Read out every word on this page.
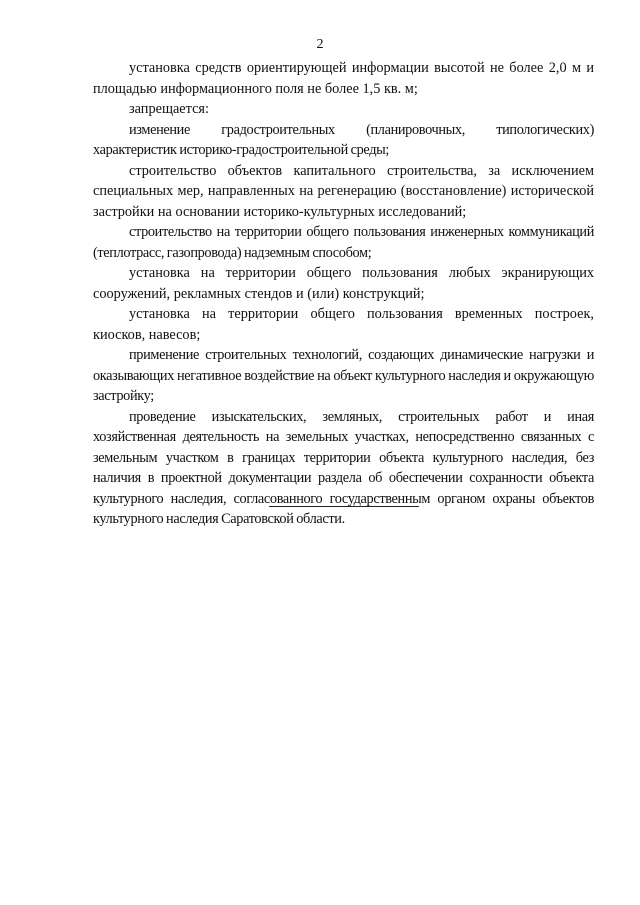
2

установка средств ориентирующей информации высотой не более 2,0 м и площадью информационного поля не более 1,5 кв. м;

запрещается:

изменение градостроительных (планировочных, типологических) характеристик историко-градостроительной среды;

строительство объектов капитального строительства, за исключением специальных мер, направленных на регенерацию (восстановление) исторической застройки на основании историко-культурных исследований;

строительство на территории общего пользования инженерных коммуникаций (теплотрасс, газопровода) надземным способом;

установка на территории общего пользования любых экранирующих сооружений, рекламных стендов и (или) конструкций;

установка на территории общего пользования временных построек, киосков, навесов;

применение строительных технологий, создающих динамические нагрузки и оказывающих негативное воздействие на объект культурного наследия и окружающую застройку;

проведение изыскательских, земляных, строительных работ и иная хозяйственная деятельность на земельных участках, непосредственно связанных с земельным участком в границах территории объекта культурного наследия, без наличия в проектной документации раздела об обеспечении сохранности объекта культурного наследия, согласованного государственным органом охраны объектов культурного наследия Саратовской области.
